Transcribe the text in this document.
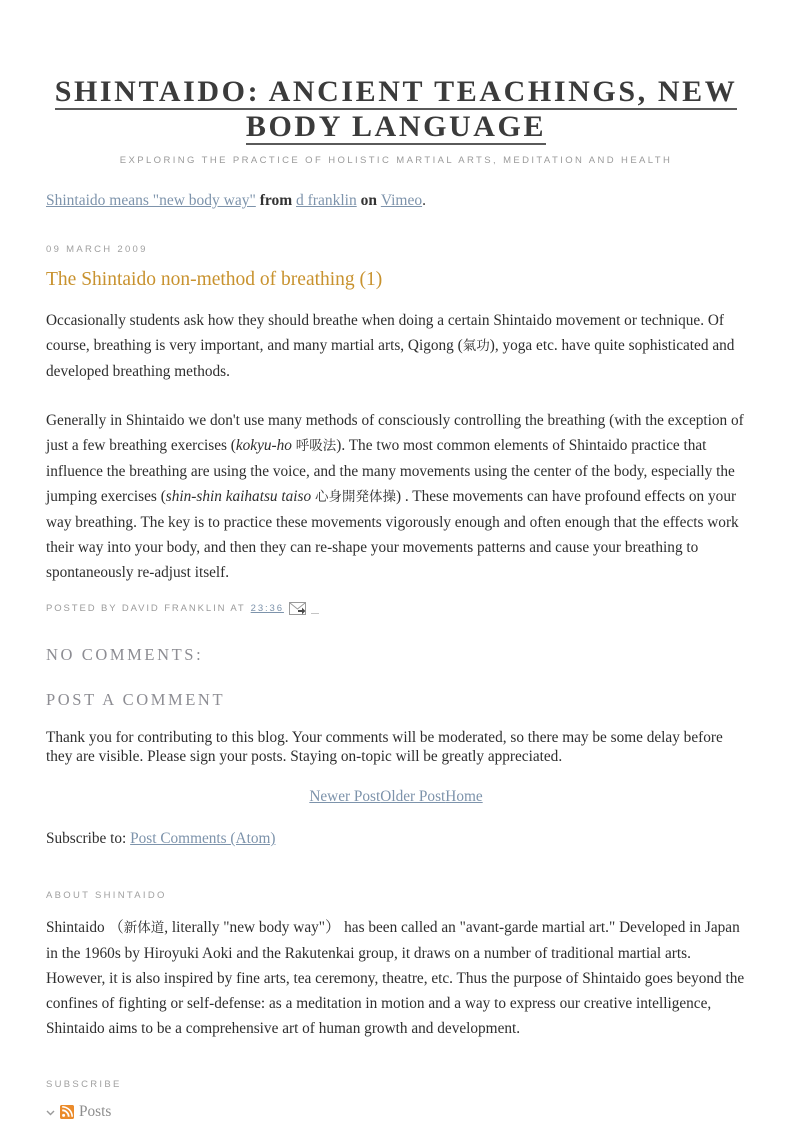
SHINTAIDO: ANCIENT TEACHINGS, NEW BODY LANGUAGE
EXPLORING THE PRACTICE OF HOLISTIC MARTIAL ARTS, MEDITATION AND HEALTH
Shintaido means "new body way" from d franklin on Vimeo.
09 MARCH 2009
The Shintaido non-method of breathing (1)

Occasionally students ask how they should breathe when doing a certain Shintaido movement or technique. Of course, breathing is very important, and many martial arts, Qigong (氣功), yoga etc. have quite sophisticated and developed breathing methods.

Generally in Shintaido we don't use many methods of consciously controlling the breathing (with the exception of just a few breathing exercises (kokyu-ho 呼吸法). The two most common elements of Shintaido practice that influence the breathing are using the voice, and the many movements using the center of the body, especially the jumping exercises (shin-shin kaihatsu taiso 心身開発体操) . These movements can have profound effects on your way breathing. The key is to practice these movements vigorously enough and often enough that the effects work their way into your body, and then they can re-shape your movements patterns and cause your breathing to spontaneously re-adjust itself.

POSTED BY DAVID FRANKLIN AT 23:36
NO COMMENTS:
POST A COMMENT
Thank you for contributing to this blog. Your comments will be moderated, so there may be some delay before they are visible. Please sign your posts. Staying on-topic will be greatly appreciated.
Newer PostOlder PostHome
Subscribe to: Post Comments (Atom)
ABOUT SHINTAIDO
Shintaido （新体道, literally "new body way"） has been called an "avant-garde martial art." Developed in Japan in the 1960s by Hiroyuki Aoki and the Rakutenkai group, it draws on a number of traditional martial arts. However, it is also inspired by fine arts, tea ceremony, theatre, etc. Thus the purpose of Shintaido goes beyond the confines of fighting or self-defense: as a meditation in motion and a way to express our creative intelligence, Shintaido aims to be a comprehensive art of human growth and development.
SUBSCRIBE
Posts
